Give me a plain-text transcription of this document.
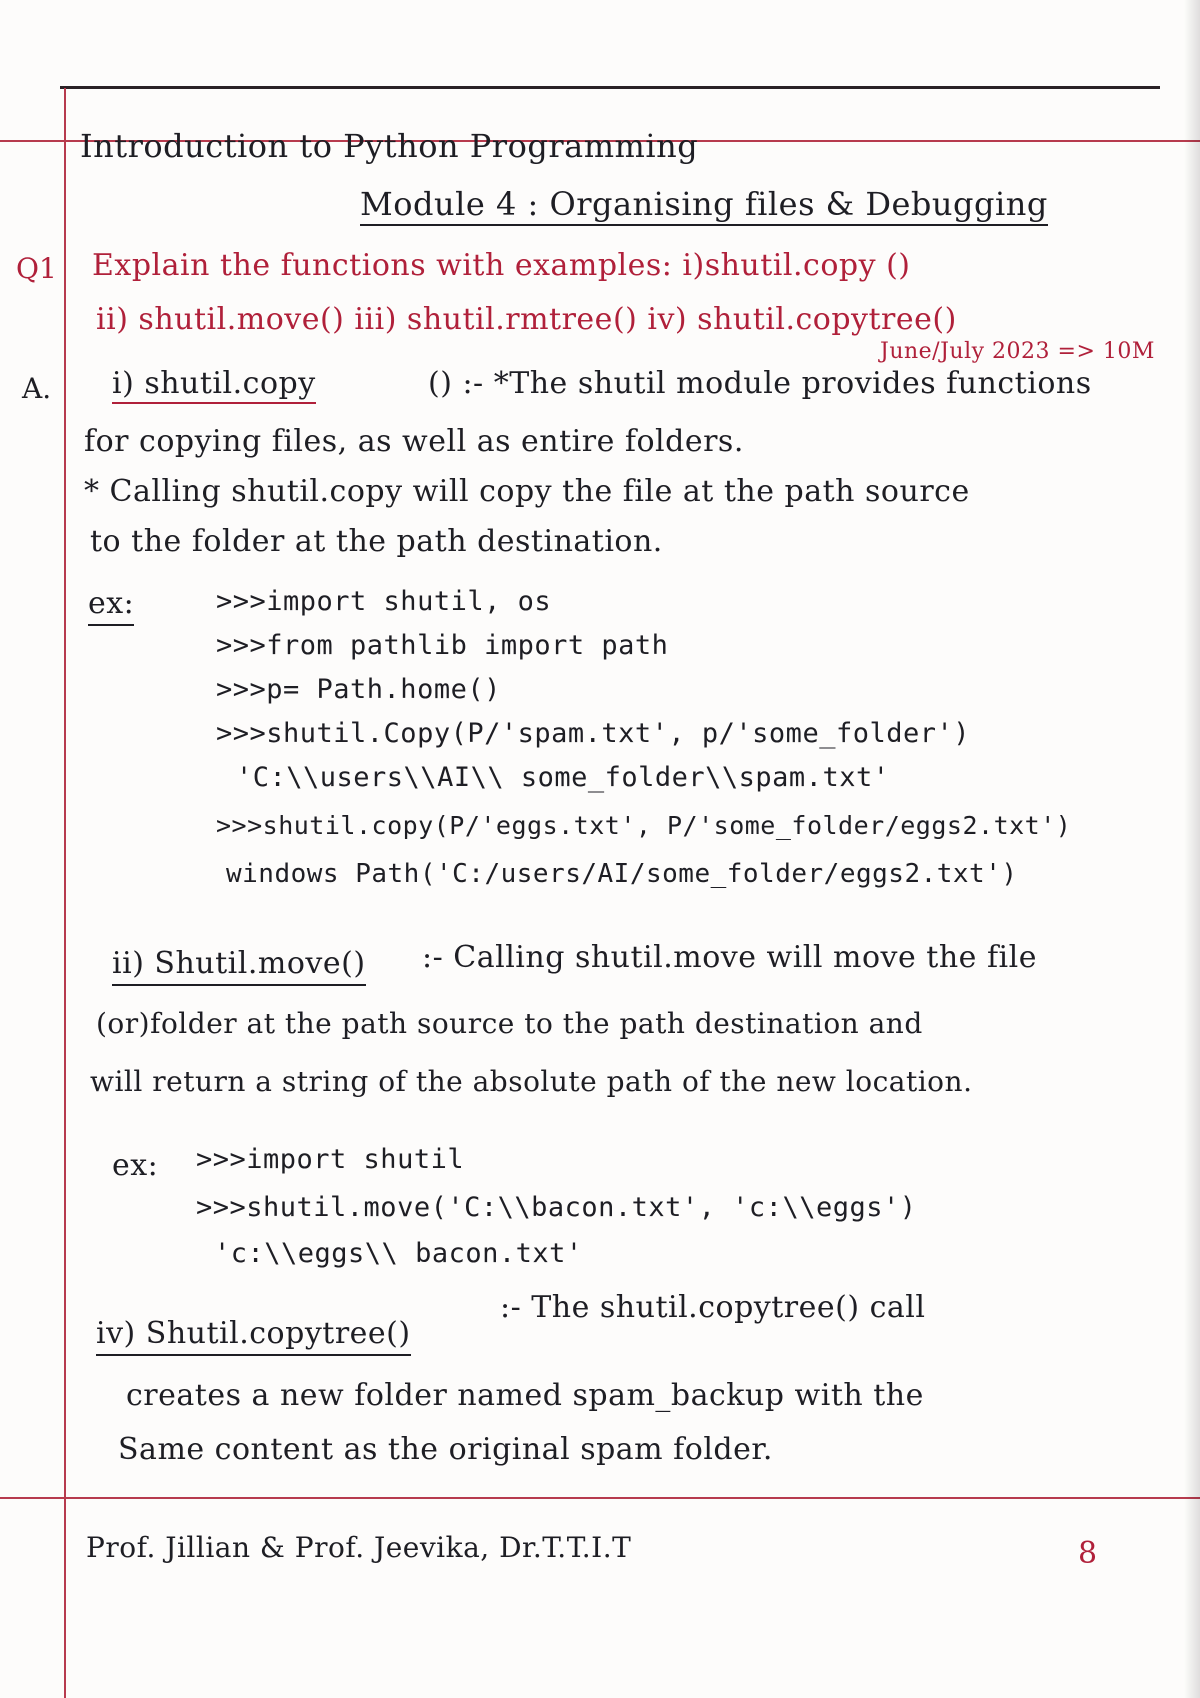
Introduction to Python Programming
Module 4 : Organising files & Debugging
Q1 Explain the functions with examples: i)shutil.copy ()
ii) shutil.move() iii) shutil.rmtree() iv) shutil.copytree()
June/July 2023 => 10M
A. i) shutil.copy	() :- *The shutil module provides functions
for copying files, as well as entire folders.
* Calling shutil.copy will copy the file at the path source
to the folder at the path destination.
ex:	>>>import shutil, os
>>>from pathlib import path
>>>p= Path.home()
>>>shutil.Copy(P/'spam.txt', p/'some_folder')
'C:\\users\\AI\\ some_folder\\spam.txt'
>>>shutil.copy(P/'eggs.txt', P/'some_folder/eggs2.txt')
windows Path('C:/users/AI/some_folder/eggs2.txt')
ii) Shutil.move() :- Calling shutil.move will move the file
(or)folder at the path source to the path destination and
will return a string of the absolute path of the new location.
ex: >>>import shutil
>>>shutil.move('C:\\bacon.txt', 'c:\\eggs')
'c:\\eggs\\ bacon.txt'
iv) Shutil.copytree()
:- The shutil.copytree() call
creates a new folder named spam_backup with the
Same content as the original spam folder.
Prof. Jillian & Prof. Jeevika, Dr.T.T.I.T	8
